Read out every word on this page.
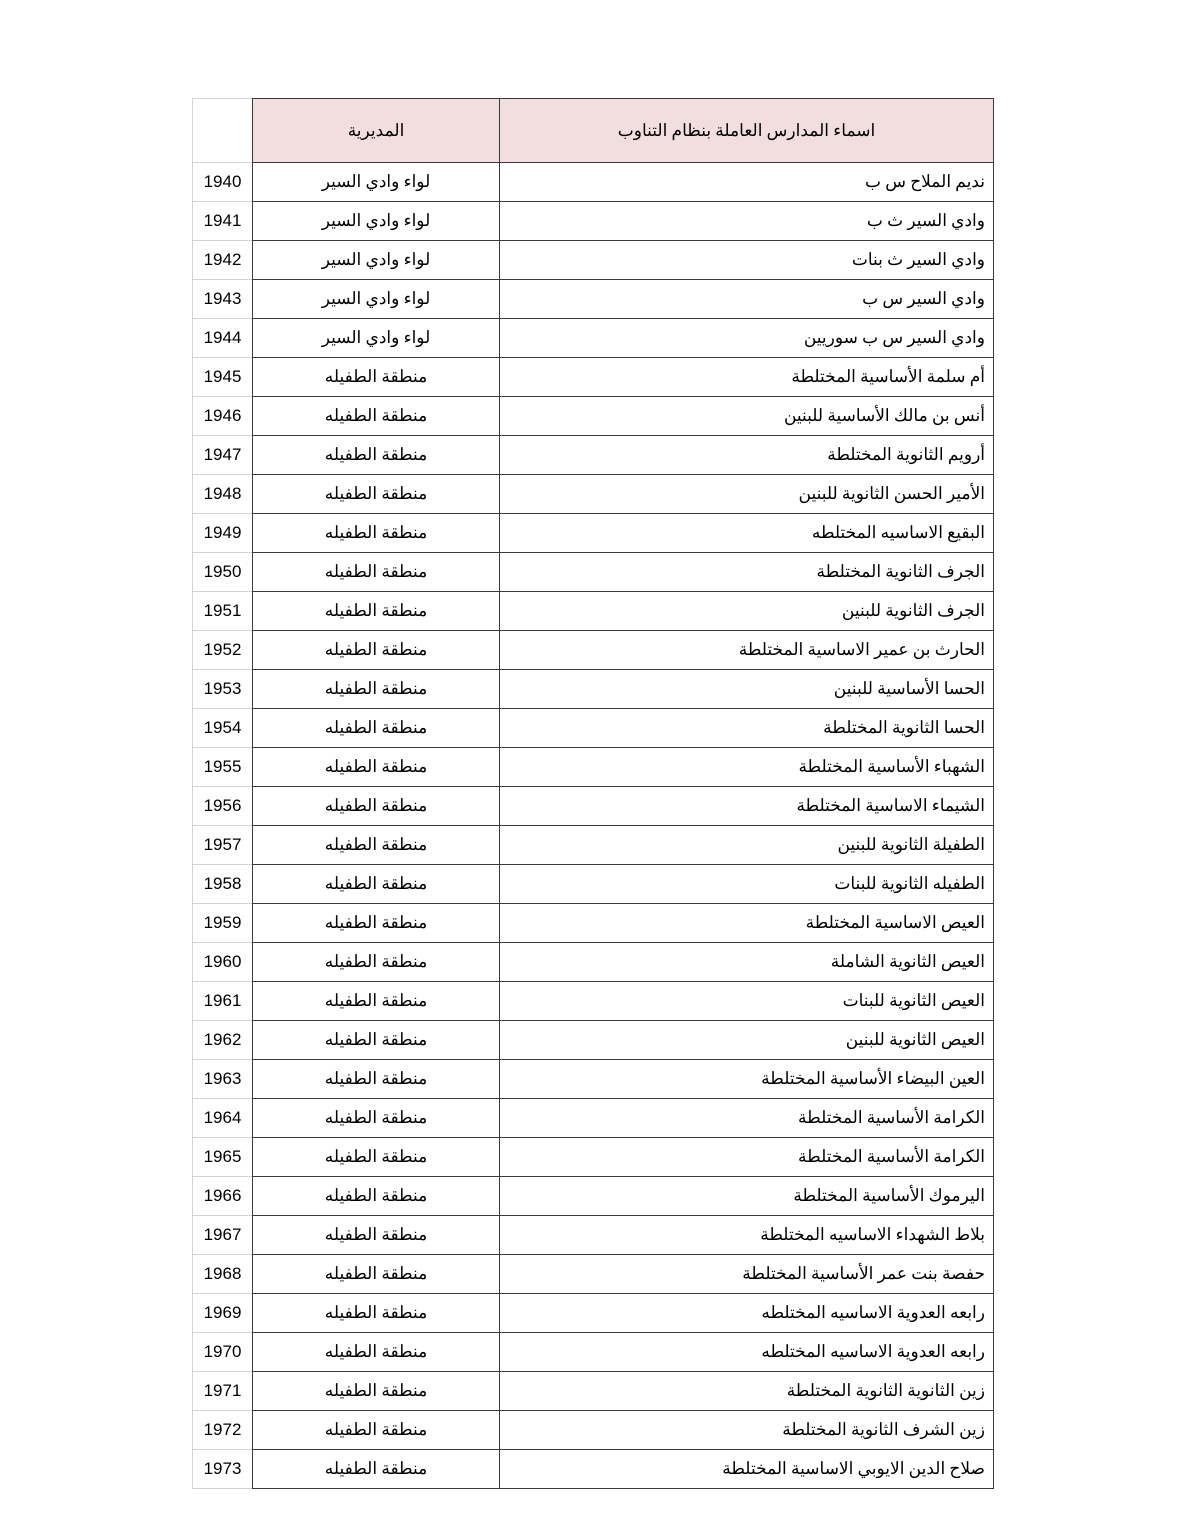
اسماء المدارس العاملة بنظام التناوب	المديرية	
نديم الملاح س ب	لواء وادي السير	1940
وادي السير ث ب	لواء وادي السير	1941
وادي السير ث بنات	لواء وادي السير	1942
وادي السير س ب	لواء وادي السير	1943
وادي السير س ب سوريين	لواء وادي السير	1944
أم سلمة الأساسية المختلطة	منطقة الطفيله	1945
أنس بن مالك الأساسية للبنين	منطقة الطفيله	1946
أرويم الثانوية المختلطة	منطقة الطفيله	1947
الأمير الحسن الثانوية للبنين	منطقة الطفيله	1948
البقيع الاساسيه المختلطه	منطقة الطفيله	1949
الجرف الثانوية المختلطة	منطقة الطفيله	1950
الجرف الثانوية للبنين	منطقة الطفيله	1951
الحارث بن عمير الاساسية المختلطة	منطقة الطفيله	1952
الحسا الأساسية للبنين	منطقة الطفيله	1953
الحسا الثانوية المختلطة	منطقة الطفيله	1954
الشهباء الأساسية المختلطة	منطقة الطفيله	1955
الشيماء الاساسية المختلطة	منطقة الطفيله	1956
الطفيلة الثانوية للبنين	منطقة الطفيله	1957
الطفيله الثانوية للبنات	منطقة الطفيله	1958
العيص الاساسية المختلطة	منطقة الطفيله	1959
العيص الثانوية الشاملة	منطقة الطفيله	1960
العيص الثانوية للبنات	منطقة الطفيله	1961
العيص الثانوية للبنين	منطقة الطفيله	1962
العين البيضاء الأساسية المختلطة	منطقة الطفيله	1963
الكرامة الأساسية المختلطة	منطقة الطفيله	1964
الكرامة الأساسية المختلطة	منطقة الطفيله	1965
اليرموك الأساسية المختلطة	منطقة الطفيله	1966
بلاط الشهداء الاساسيه المختلطة	منطقة الطفيله	1967
حفصة بنت عمر الأساسية المختلطة	منطقة الطفيله	1968
رابعه العدوية الاساسيه المختلطه	منطقة الطفيله	1969
رابعه العدوية الاساسيه المختلطه	منطقة الطفيله	1970
زين الثانوية الثانوية المختلطة	منطقة الطفيله	1971
زين الشرف الثانوية المختلطة	منطقة الطفيله	1972
صلاح الدين الايوبي الاساسية المختلطة	منطقة الطفيله	1973
